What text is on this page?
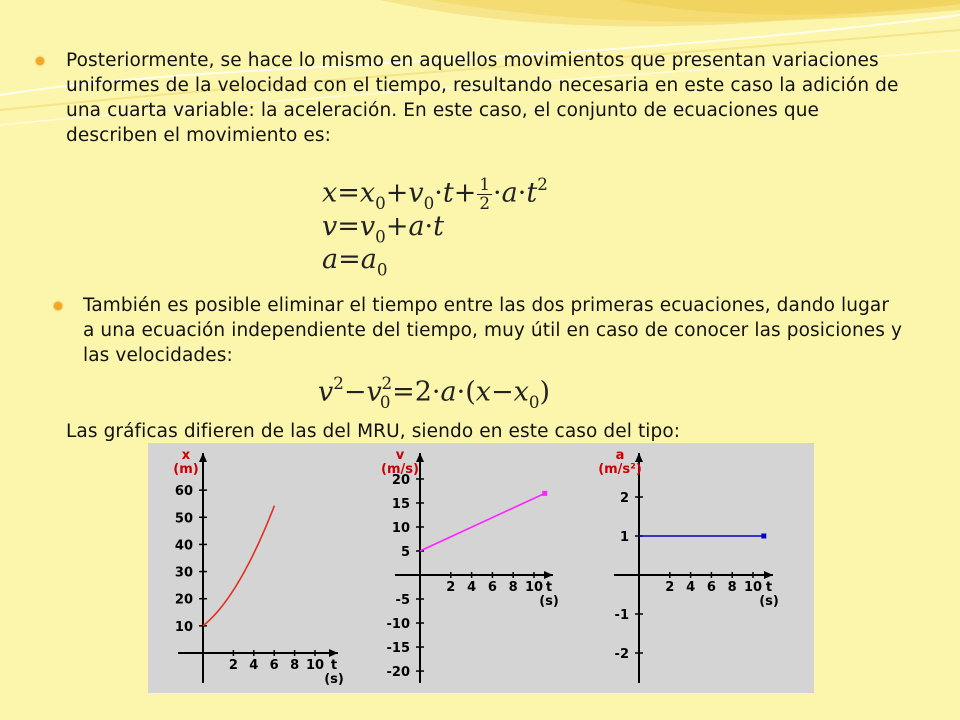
Posteriormente, se hace lo mismo en aquellos movimientos que presentan variaciones uniformes de la velocidad con el tiempo, resultando necesaria en este caso la adición de una cuarta variable: la aceleración. En este caso, el conjunto de ecuaciones que describen el movimiento es:
$x=x_0+v_0\cdot t+ \frac{1}{2} \cdot a\cdot t^2$
$v=v_0+a\cdot t$
$a=a_0$
También es posible eliminar el tiempo entre las dos primeras ecuaciones, dando lugar a una ecuación independiente del tiempo, muy útil en caso de conocer las posiciones y las velocidades:
$v^2-v_0^2=2\cdot a\cdot(x-x_0)$
Las gráficas difieren de las del MRU, siendo en este caso del tipo:
x
(m)
t
(s)
2 4 6 8 10
10
20
30
40
50
60
v
(m/s)
t
(s)
2 4 6 8 10
20
15
10
5
-5
-10
-15
-20
a
(m/s²)
t
(s)
2 4 6 8 10
2
1
-1
-2
